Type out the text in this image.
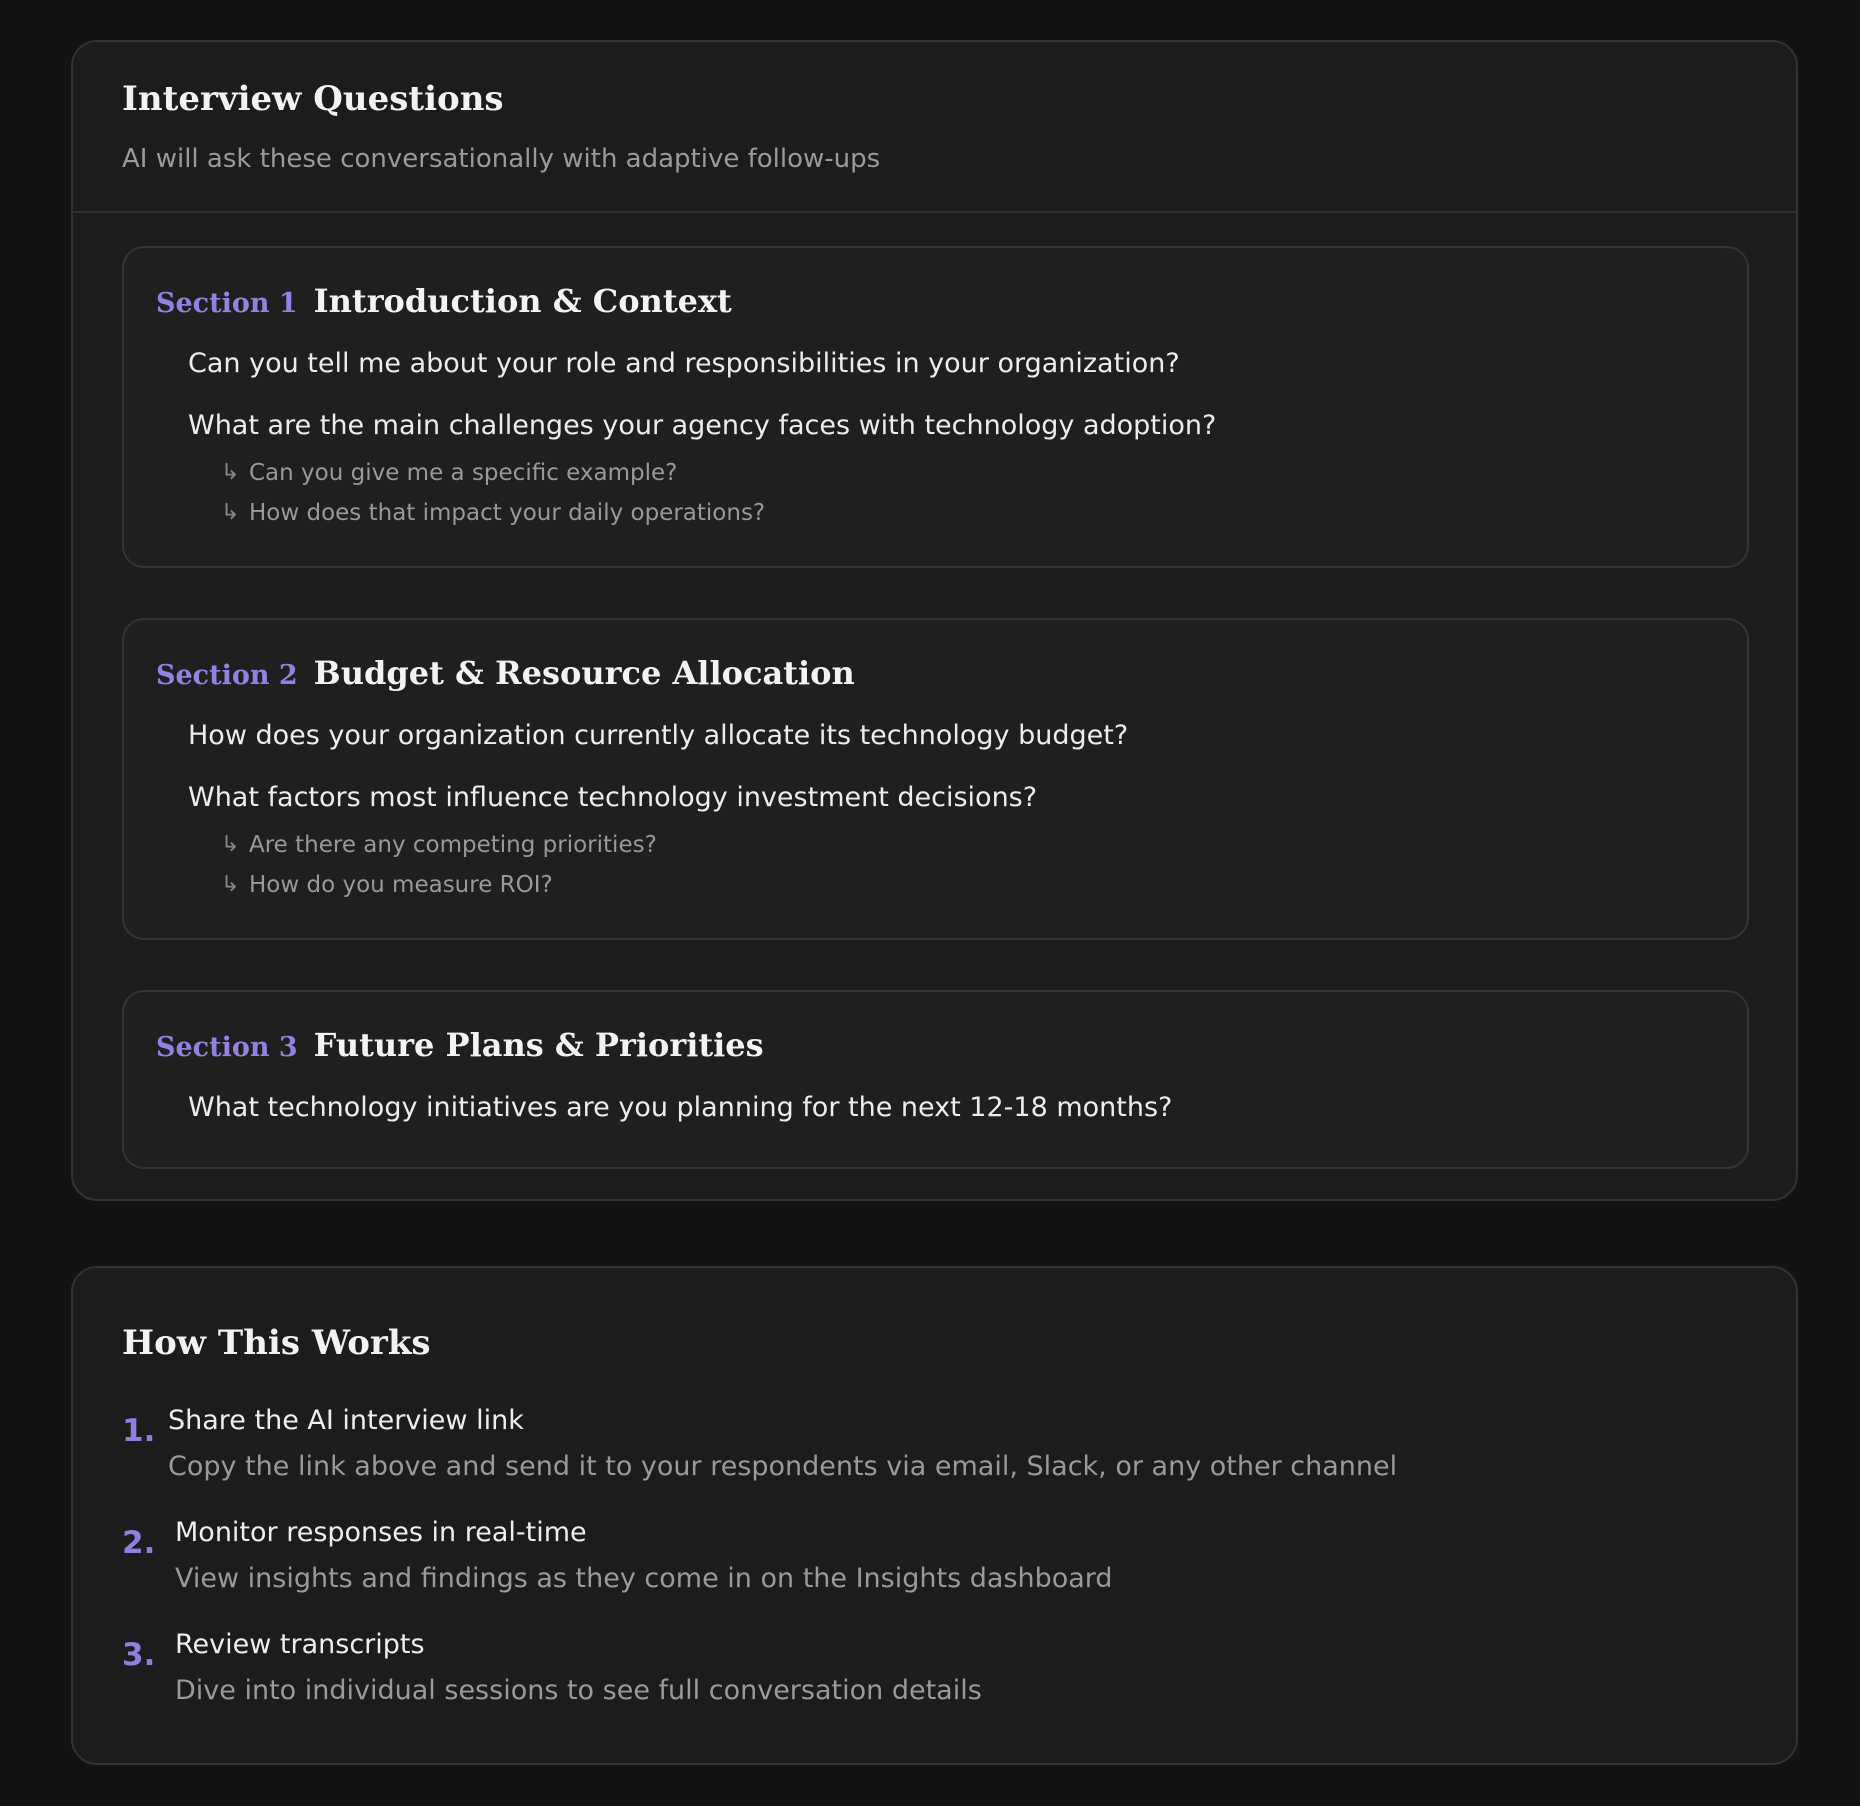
Interview Questions
AI will ask these conversationally with adaptive follow-ups
Section 1 Introduction & Context
Can you tell me about your role and responsibilities in your organization?
What are the main challenges your agency faces with technology adoption?
↳ Can you give me a specific example?
↳ How does that impact your daily operations?
Section 2 Budget & Resource Allocation
How does your organization currently allocate its technology budget?
What factors most influence technology investment decisions?
↳ Are there any competing priorities?
↳ How do you measure ROI?
Section 3 Future Plans & Priorities
What technology initiatives are you planning for the next 12-18 months?
How This Works
1. Share the AI interview link
Copy the link above and send it to your respondents via email, Slack, or any other channel
2. Monitor responses in real-time
View insights and findings as they come in on the Insights dashboard
3. Review transcripts
Dive into individual sessions to see full conversation details
